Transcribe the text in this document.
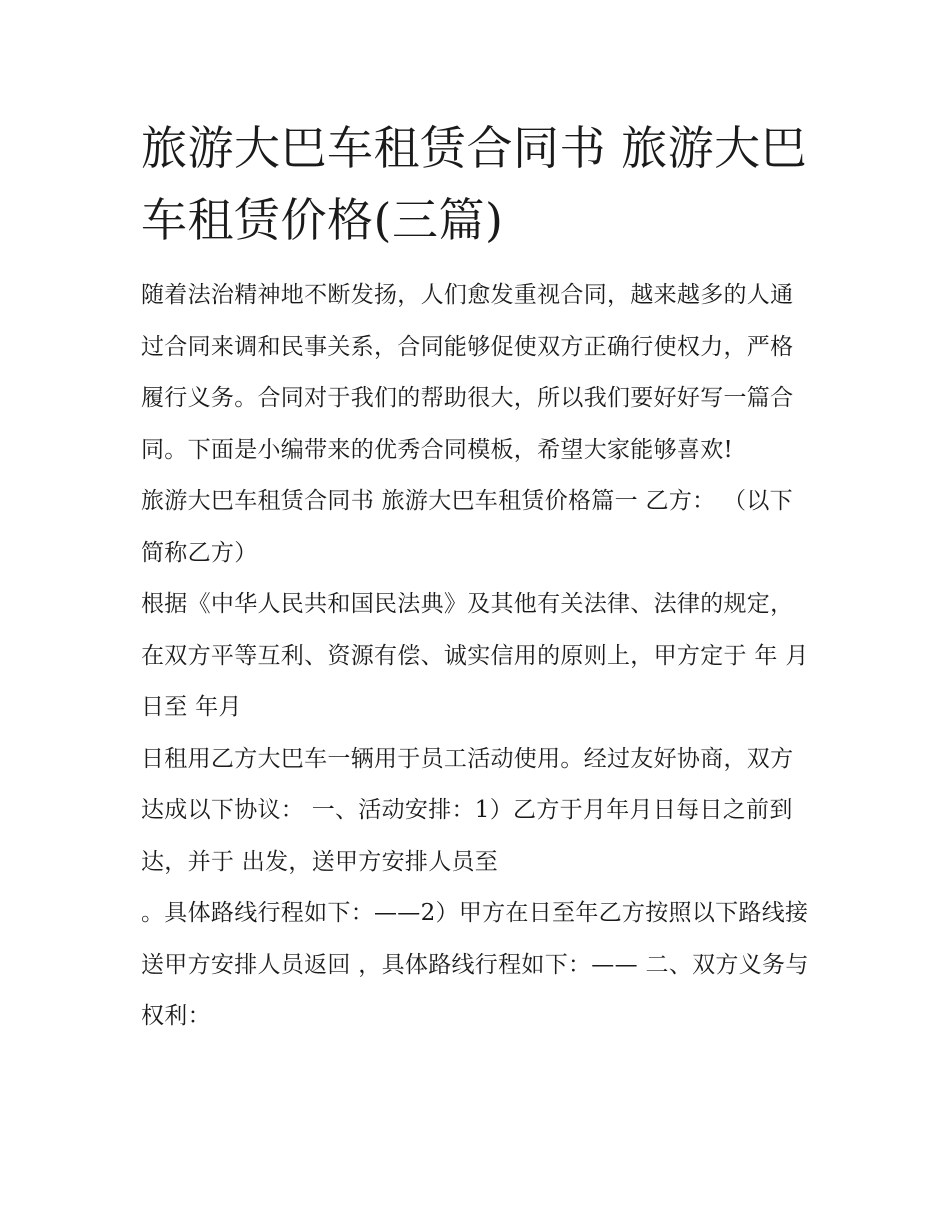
旅游大巴车租赁合同书 旅游大巴车租赁价格(三篇)

随着法治精神地不断发扬，人们愈发重视合同，越来越多的人通过合同来调和民事关系，合同能够促使双方正确行使权力，严格履行义务。合同对于我们的帮助很大，所以我们要好好写一篇合同。下面是小编带来的优秀合同模板，希望大家能够喜欢!

旅游大巴车租赁合同书 旅游大巴车租赁价格篇一 乙方： （以下简称乙方）

根据《中华人民共和国民法典》及其他有关法律、法律的规定，在双方平等互利、资源有偿、诚实信用的原则上，甲方定于 年 月 日至 年月

日租用乙方大巴车一辆用于员工活动使用。经过友好协商，双方达成以下协议： 一、活动安排：1）乙方于月年月日每日之前到达，并于 出发，送甲方安排人员至

。具体路线行程如下：——2）甲方在日至年乙方按照以下路线接送甲方安排人员返回 ，具体路线行程如下：—— 二、双方义务与权利：
